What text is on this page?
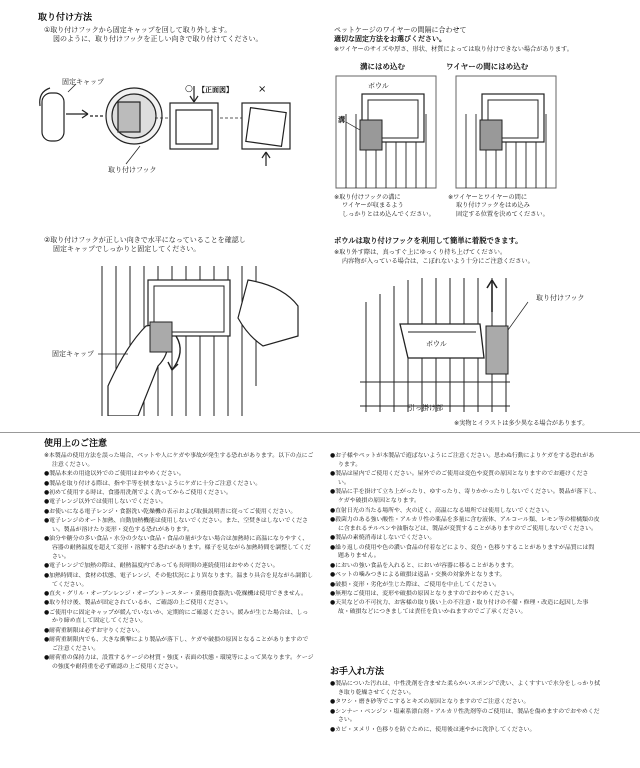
取り付け方法
①取り付けフックから固定キャップを回して取り外します。
図のように、取り付けフックを正しい向きで取り付けてください。
固定キャップ
取り付けフック
【正面図】
○	×
②取り付けフックが正しい向きで水平になっていることを確認し
固定キャップでしっかりと固定してください。
固定キャップ
ペットケージのワイヤーの間隔に合わせて
適切な固定方法をお選びください。
※ワイヤーのサイズや厚さ、形状、材質によっては取り付けできない場合があります。
溝にはめ込む	ワイヤーの間にはめ込む
ボウル
溝
※取り付けフックの溝に
ワイヤーが収まるよう
しっかりとはめ込んでください。
※ワイヤーとワイヤーの間に
取り付けフックをはめ込み
固定する位置を決めてください。
ボウルは取り付けフックを利用して簡単に着脱できます。
※取り外す際は、真っすぐ上にゆっくり持ち上げてください。
内容物が入っている場合は、こぼれないよう十分にご注意ください。
取り付けフック
ボウル
引っ掛け部
※実物とイラストは多少異なる場合があります。
使用上のご注意
※本製品の使用方法を誤った場合、ペットや人にケガや事故が発生する恐れがあります。以下の点にご注意ください。
●製品本来の用途以外でのご使用はおやめください。
●製品を取り付ける際は、指や手等を挟まないようにケガに十分ご注意ください。
●初めて使用する時は、食器用洗剤でよく洗ってからご使用ください。
●電子レンジ以外では使用しないでください。
●お使いになる電子レンジ・食器洗い乾燥機の表示および取扱説明書に従ってご使用ください。
●電子レンジのオート加熱、自動加熱機能は使用しないでください。また、空焚きはしないでください。製品が溶けたり変形・変色する恐れがあります。
●油分や糖分の多い食品・水分の少ない食品・食品の量が少ない場合は加熱時に高温になりやすく、容器の耐熱温度を超えて変形・溶解する恐れがあります。様子を見ながら加熱時間を調整してください。
●電子レンジで加熱の際は、耐熱温度内であっても長時間の連続使用はおやめください。
●加熱時間は、食材の状態、電子レンジ、その他状況により異なります。温まり具合を見ながら調節してください。
●直火・グリル・オーブンレンジ・オーブントースター・業務用食器洗い乾燥機は使用できません。
●取り付け後、製品が固定されているか、ご確認の上ご使用ください。
●ご使用中に固定キャップが緩んでいないか、定期的にご確認ください。緩みが生じた場合は、しっかり締め直して固定してください。
●耐荷重制限は必ずお守りください。
●耐荷重制限内でも、大きな衝撃により製品が落下し、ケガや破損の原因となることがありますのでご注意ください。
●耐荷重の保持力は、設置するケージの材質・強度・表面の状態・環境等によって異なります。ケージの強度や耐荷重を必ず確認の上ご使用ください。
●お子様やペットが本製品で遊ばないようにご注意ください。思わぬ行動によりケガをする恐れがあります。
●製品は屋内でご使用ください。屋外でのご使用は変色や変質の原因となりますのでお避けください。
●製品に手を掛けて立ち上がったり、ゆすったり、寄りかかったりしないでください。製品が落下し、ケガや破損の原因となります。
●直射日光の当たる場所や、火の近く、高温になる場所では使用しないでください。
●殺菌力のある強い酸性・アルカリ性の薬品を多量に含む液体、アルコール類、レモン等の柑橘類の皮に含まれるテルペンや油脂などは、製品が変質することがありますのでご使用しないでください。
●製品の素焼消毒はしないでください。
●繰り返しの使用や色の濃い食品の付着などにより、変色・色移りすることがありますが品質には問題ありません。
●においの強い食品を入れると、においが容器に移ることがあります。
●ペットの噛みつきによる破損は返品・交換の対象外となります。
●破損・変形・劣化が生じた際は、ご使用を中止してください。
●無理なご使用は、変形や破損の原因となりますのでおやめください。
●天災などの不可抗力、お客様の取り扱い上の不注意・取り付けの不備・修理・改造に起因した事故・破損などにつきましては責任を負いかねますのでご了承ください。
お手入れ方法
●製品についた汚れは、中性洗剤を含ませた柔らかいスポンジで洗い、よくすすいで水分をしっかり拭き取り乾燥させてください。
●タワシ・磨き砂等でこするとキズの原因となりますのでご注意ください。
●シンナー・ベンジン・塩素系漂白剤・アルカリ性洗剤等のご使用は、製品を傷めますのでおやめください。
●カビ・ヌメリ・色移りを防ぐために、使用後は速やかに洗浄してください。
